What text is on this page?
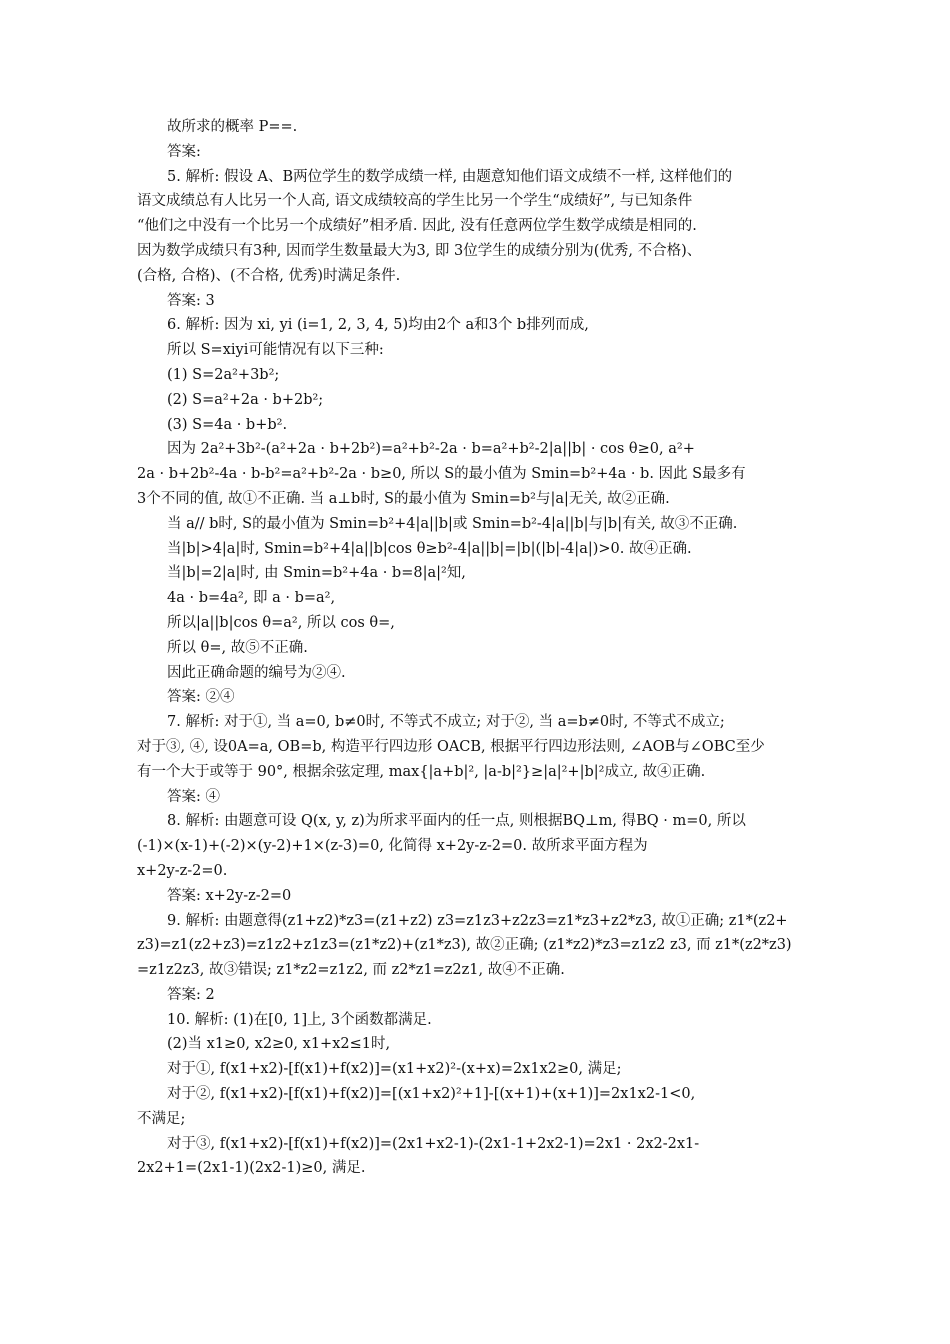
故所求的概率 P==.
答案:
5. 解析: 假设 A、B两位学生的数学成绩一样, 由题意知他们语文成绩不一样, 这样他们的
语文成绩总有人比另一个人高, 语文成绩较高的学生比另一个学生“成绩好”, 与已知条件
“他们之中没有一个比另一个成绩好”相矛盾. 因此, 没有任意两位学生数学成绩是相同的.
因为数学成绩只有3种, 因而学生数量最大为3, 即 3位学生的成绩分别为(优秀, 不合格)、
(合格, 合格)、(不合格, 优秀)时满足条件.
答案: 3
6. 解析: 因为 xi, yi (i=1, 2, 3, 4, 5)均由2个 a和3个 b排列而成,
所以 S=xiyi可能情况有以下三种:
(1) S=2a²+3b²;
(2) S=a²+2a · b+2b²;
(3) S=4a · b+b².
因为 2a²+3b²-(a²+2a · b+2b²)=a²+b²-2a · b=a²+b²-2|a||b| · cos θ≥0, a²+
2a · b+2b²-4a · b-b²=a²+b²-2a · b≥0, 所以 S的最小值为 Smin=b²+4a · b. 因此 S最多有
3个不同的值, 故①不正确. 当 a⊥b时, S的最小值为 Smin=b²与|a|无关, 故②正确.
当 a// b时, S的最小值为 Smin=b²+4|a||b|或 Smin=b²-4|a||b|与|b|有关, 故③不正确.
当|b|>4|a|时, Smin=b²+4|a||b|cos θ≥b²-4|a||b|=|b|(|b|-4|a|)>0. 故④正确.
当|b|=2|a|时, 由 Smin=b²+4a · b=8|a|²知,
4a · b=4a², 即 a · b=a²,
所以|a||b|cos θ=a², 所以 cos θ=,
所以 θ=, 故⑤不正确.
因此正确命题的编号为②④.
答案: ②④
7. 解析: 对于①, 当 a=0, b≠0时, 不等式不成立; 对于②, 当 a=b≠0时, 不等式不成立;
对于③, ④, 设0A=a, OB=b, 构造平行四边形 OACB, 根据平行四边形法则, ∠AOB与∠OBC至少
有一个大于或等于 90°, 根据余弦定理, max{|a+b|², |a-b|²}≥|a|²+|b|²成立, 故④正确.
答案: ④
8. 解析: 由题意可设 Q(x, y, z)为所求平面内的任一点, 则根据BQ⊥m, 得BQ · m=0, 所以
(-1)×(x-1)+(-2)×(y-2)+1×(z-3)=0, 化简得 x+2y-z-2=0. 故所求平面方程为
x+2y-z-2=0.
答案: x+2y-z-2=0
9. 解析: 由题意得(z1+z2)*z3=(z1+z2) z3=z1z3+z2z3=z1*z3+z2*z3, 故①正确; z1*(z2+
z3)=z1(z2+z3)=z1z2+z1z3=(z1*z2)+(z1*z3), 故②正确; (z1*z2)*z3=z1z2 z3, 而 z1*(z2*z3)
=z1z2z3, 故③错误; z1*z2=z1z2, 而 z2*z1=z2z1, 故④不正确.
答案: 2
10. 解析: (1)在[0, 1]上, 3个函数都满足.
(2)当 x1≥0, x2≥0, x1+x2≤1时,
对于①, f(x1+x2)-[f(x1)+f(x2)]=(x1+x2)²-(x+x)=2x1x2≥0, 满足;
对于②, f(x1+x2)-[f(x1)+f(x2)]=[(x1+x2)²+1]-[(x+1)+(x+1)]=2x1x2-1<0,
不满足;
对于③, f(x1+x2)-[f(x1)+f(x2)]=(2x1+x2-1)-(2x1-1+2x2-1)=2x1 · 2x2-2x1-
2x2+1=(2x1-1)(2x2-1)≥0, 满足.
